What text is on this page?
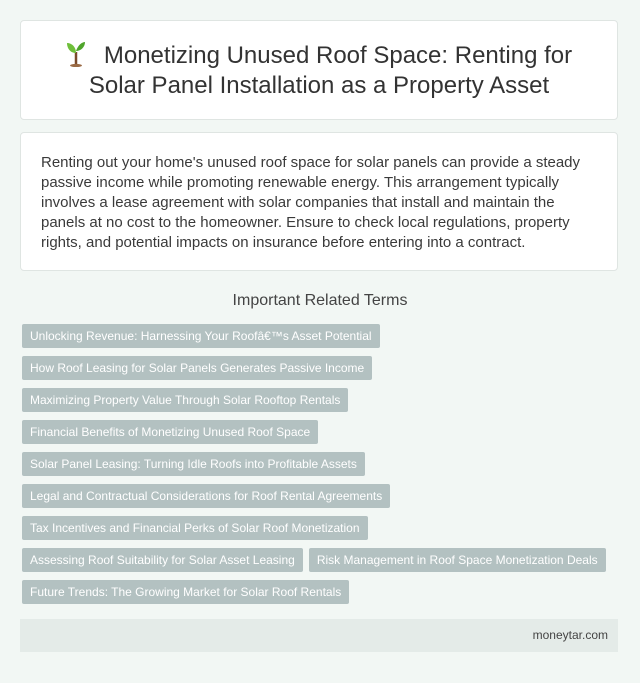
Monetizing Unused Roof Space: Renting for Solar Panel Installation as a Property Asset

Renting out your home's unused roof space for solar panels can provide a steady passive income while promoting renewable energy. This arrangement typically involves a lease agreement with solar companies that install and maintain the panels at no cost to the homeowner. Ensure to check local regulations, property rights, and potential impacts on insurance before entering into a contract.

Important Related Terms
Unlocking Revenue: Harnessing Your Roofâ€™s Asset Potential
How Roof Leasing for Solar Panels Generates Passive Income
Maximizing Property Value Through Solar Rooftop Rentals
Financial Benefits of Monetizing Unused Roof Space
Solar Panel Leasing: Turning Idle Roofs into Profitable Assets
Legal and Contractual Considerations for Roof Rental Agreements
Tax Incentives and Financial Perks of Solar Roof Monetization
Assessing Roof Suitability for Solar Asset Leasing	Risk Management in Roof Space Monetization Deals
Future Trends: The Growing Market for Solar Roof Rentals
moneytar.com
